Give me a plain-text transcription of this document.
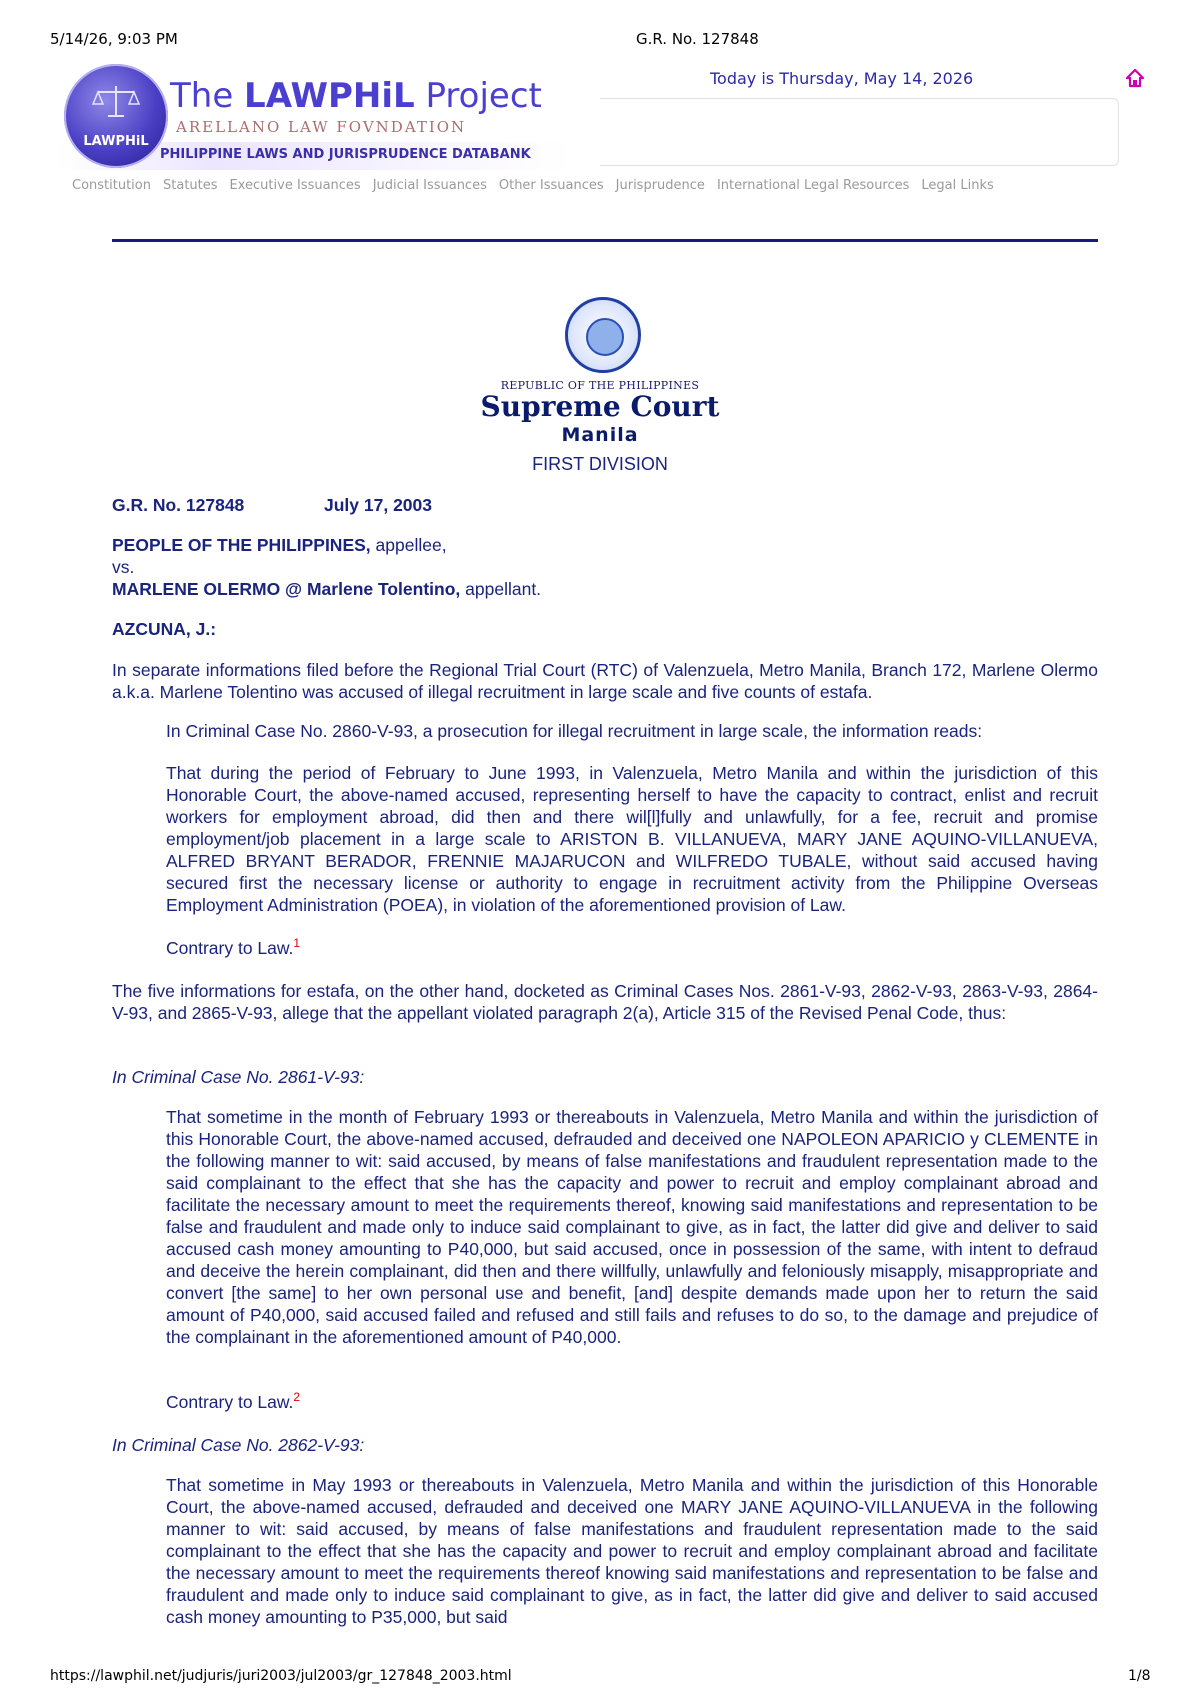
5/14/26, 9:03 PM	G.R. No. 127848
PHILIPPINE LAWS AND JURISPRUDENCE DATABANK
LAWPHiL
The LAWPHiL Project
ARELLANO LAW FOVNDATION
Today is Thursday, May 14, 2026
Constitution Statutes Executive Issuances Judicial Issuances Other Issuances Jurisprudence International Legal Resources Legal Links
REPUBLIC OF THE PHILIPPINES
Supreme Court
Manila
FIRST DIVISION
G.R. No. 127848	July 17, 2003
PEOPLE OF THE PHILIPPINES, appellee,
vs.
MARLENE OLERMO @ Marlene Tolentino, appellant.
AZCUNA, J.:
In separate informations filed before the Regional Trial Court (RTC) of Valenzuela, Metro Manila, Branch 172, Marlene Olermo a.k.a. Marlene Tolentino was accused of illegal recruitment in large scale and five counts of estafa.
In Criminal Case No. 2860-V-93, a prosecution for illegal recruitment in large scale, the information reads:
That during the period of February to June 1993, in Valenzuela, Metro Manila and within the jurisdiction of this Honorable Court, the above-named accused, representing herself to have the capacity to contract, enlist and recruit workers for employment abroad, did then and there wil[l]fully and unlawfully, for a fee, recruit and promise employment/job placement in a large scale to ARISTON B. VILLANUEVA, MARY JANE AQUINO-VILLANUEVA, ALFRED BRYANT BERADOR, FRENNIE MAJARUCON and WILFREDO TUBALE, without said accused having secured first the necessary license or authority to engage in recruitment activity from the Philippine Overseas Employment Administration (POEA), in violation of the aforementioned provision of Law.
Contrary to Law.$^1$
The five informations for estafa, on the other hand, docketed as Criminal Cases Nos. 2861-V-93, 2862-V-93, 2863-V-93, 2864-V-93, and 2865-V-93, allege that the appellant violated paragraph 2(a), Article 315 of the Revised Penal Code, thus:
In Criminal Case No. 2861-V-93:
That sometime in the month of February 1993 or thereabouts in Valenzuela, Metro Manila and within the jurisdiction of this Honorable Court, the above-named accused, defrauded and deceived one NAPOLEON APARICIO y CLEMENTE in the following manner to wit: said accused, by means of false manifestations and fraudulent representation made to the said complainant to the effect that she has the capacity and power to recruit and employ complainant abroad and facilitate the necessary amount to meet the requirements thereof, knowing said manifestations and representation to be false and fraudulent and made only to induce said complainant to give, as in fact, the latter did give and deliver to said accused cash money amounting to P40,000, but said accused, once in possession of the same, with intent to defraud and deceive the herein complainant, did then and there willfully, unlawfully and feloniously misapply, misappropriate and convert [the same] to her own personal use and benefit, [and] despite demands made upon her to return the said amount of P40,000, said accused failed and refused and still fails and refuses to do so, to the damage and prejudice of the complainant in the aforementioned amount of P40,000.
Contrary to Law.$^2$
In Criminal Case No. 2862-V-93:
That sometime in May 1993 or thereabouts in Valenzuela, Metro Manila and within the jurisdiction of this Honorable Court, the above-named accused, defrauded and deceived one MARY JANE AQUINO-VILLANUEVA in the following manner to wit: said accused, by means of false manifestations and fraudulent representation made to the said complainant to the effect that she has the capacity and power to recruit and employ complainant abroad and facilitate the necessary amount to meet the requirements thereof knowing said manifestations and representation to be false and fraudulent and made only to induce said complainant to give, as in fact, the latter did give and deliver to said accused cash money amounting to P35,000, but said
https://lawphil.net/judjuris/juri2003/jul2003/gr_127848_2003.html	1/8
